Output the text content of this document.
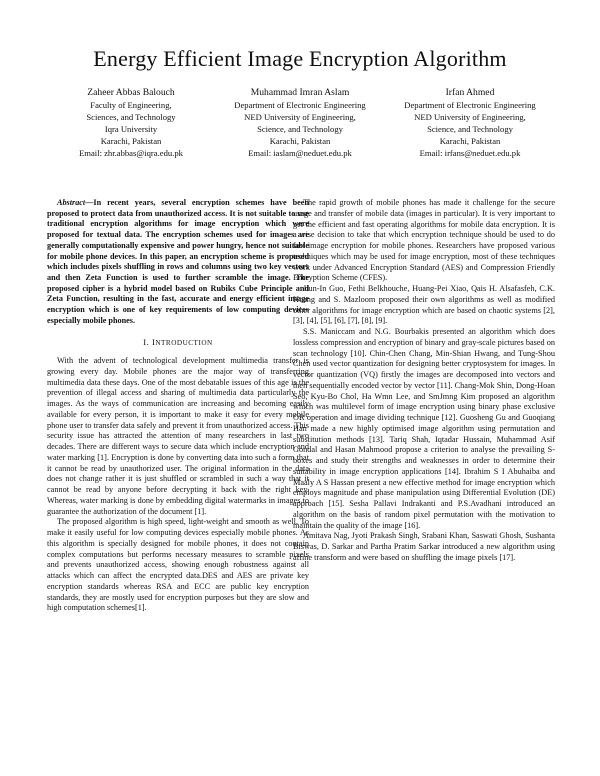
Energy Efficient Image Encryption Algorithm
Zaheer Abbas Balouch
Faculty of Engineering,
Sciences, and Technology
Iqra University
Karachi, Pakistan
Email: zhr.abbas@iqra.edu.pk
Muhammad Imran Aslam
Department of Electronic Engineering
NED University of Engineering,
Science, and Technology
Karachi, Pakistan
Email: iaslam@neduet.edu.pk
Irfan Ahmed
Department of Electronic Engineering
NED University of Engineering,
Science, and Technology
Karachi, Pakistan
Email: irfans@neduet.edu.pk

Abstract—In recent years, several encryption schemes have been proposed to protect data from unauthorized access. It is not suitable to use traditional encryption algorithms for image encryption which were proposed for textual data. The encryption schemes used for images are generally computationally expensive and power hungry, hence not suitable for mobile phone devices. In this paper, an encryption scheme is proposed which includes pixels shuffling in rows and columns using two key vectors and then Zeta Function is used to further scramble the image. The proposed cipher is a hybrid model based on Rubiks Cube Principle and Zeta Function, resulting in the fast, accurate and energy efficient image encryption which is one of key requirements of low computing devices especially mobile phones.

I. INTRODUCTION

With the advent of technological development multimedia transfer is growing every day. Mobile phones are the major way of transferring multimedia data these days. One of the most debatable issues of this age is the prevention of illegal access and sharing of multimedia data particularly the images. As the ways of communication are increasing and becoming easily available for every person, it is important to make it easy for every mobile phone user to transfer data safely and prevent it from unauthorized access. This security issue has attracted the attention of many researchers in last two decades. There are different ways to secure data which include encryption and water marking [1]. Encryption is done by converting data into such a form that it cannot be read by unauthorized user. The original information in the data does not change rather it is just shuffled or scrambled in such a way that it cannot be read by anyone before decrypting it back with the right key. Whereas, water marking is done by embedding digital watermarks in images to guarantee the authorization of the document [1].

The proposed algorithm is high speed, light-weight and smooth as well. To make it easily useful for low computing devices especially mobile phones. As this algorithm is specially designed for mobile phones, it does not contain complex computations but performs necessary measures to scramble pixels and prevents unauthorized access, showing enough robustness against all attacks which can affect the encrypted data.DES and AES are private key encryption standards whereas RSA and ECC are public key encryption standards, they are mostly used for encryption purposes but they are slow and high computation schemes[1].

The rapid growth of mobile phones has made it challenge for the secure usage and transfer of mobile data (images in particular). It is very important to get the efficient and fast operating algorithms for mobile data encryption. It is a wise decision to take that which encryption technique should be used to do fast image encryption for mobile phones. Researchers have proposed various techniques which may be used for image encryption, most of these techniques work under Advanced Encryption Standard (AES) and Compression Friendly Encryption Scheme (CFES).

Jiun-In Guo, Fethi Belkhouche, Huang-Pei Xiao, Qais H. Alsafasfeh, C.K. Huang and S. Mazloom proposed their own algorithms as well as modified other algorithms for image encryption which are based on chaotic systems [2], [3], [4], [5], [6], [7], [8], [9].

S.S. Maniccam and N.G. Bourbakis presented an algorithm which does lossless compression and encryption of binary and gray-scale pictures based on scan technology [10]. Chin-Chen Chang, Min-Shian Hwang, and Tung-Shou Chen used vector quantization for designing better cryptosystem for images. In vector quantization (VQ) firstly the images are decomposed into vectors and then sequentially encoded vector by vector [11]. Chang-Mok Shin, Dong-Hoan Seo, Kyu-Bo Chol, Ha Wmn Lee, and SmJmng Kim proposed an algorithm which was multilevel form of image encryption using binary phase exclusive OR operation and image dividing technique [12]. Guosheng Gu and Guoqiang Han made a new highly optimised image algorithm using permutation and substitution methods [13]. Tariq Shah, Iqtadar Hussain, Muhammad Asif Gondal and Hasan Mahmood propose a criterion to analyse the prevailing S-boxes and study their strengths and weaknesses in order to determine their suitability in image encryption applications [14]. Ibrahim S I Abuhaiba and Maaly A S Hassan present a new effective method for image encryption which employs magnitude and phase manipulation using Differential Evolution (DE) approach [15]. Sesha Pallavi Indrakanti and P.S.Avadhani introduced an algorithm on the basis of random pixel permutation with the motivation to maintain the quality of the image [16].

Amitava Nag, Jyoti Prakash Singh, Srabani Khan, Saswati Ghosh, Sushanta Biswas, D. Sarkar and Partha Pratim Sarkar introduced a new algorithm using affine transform and were based on shuffling the image pixels [17].
